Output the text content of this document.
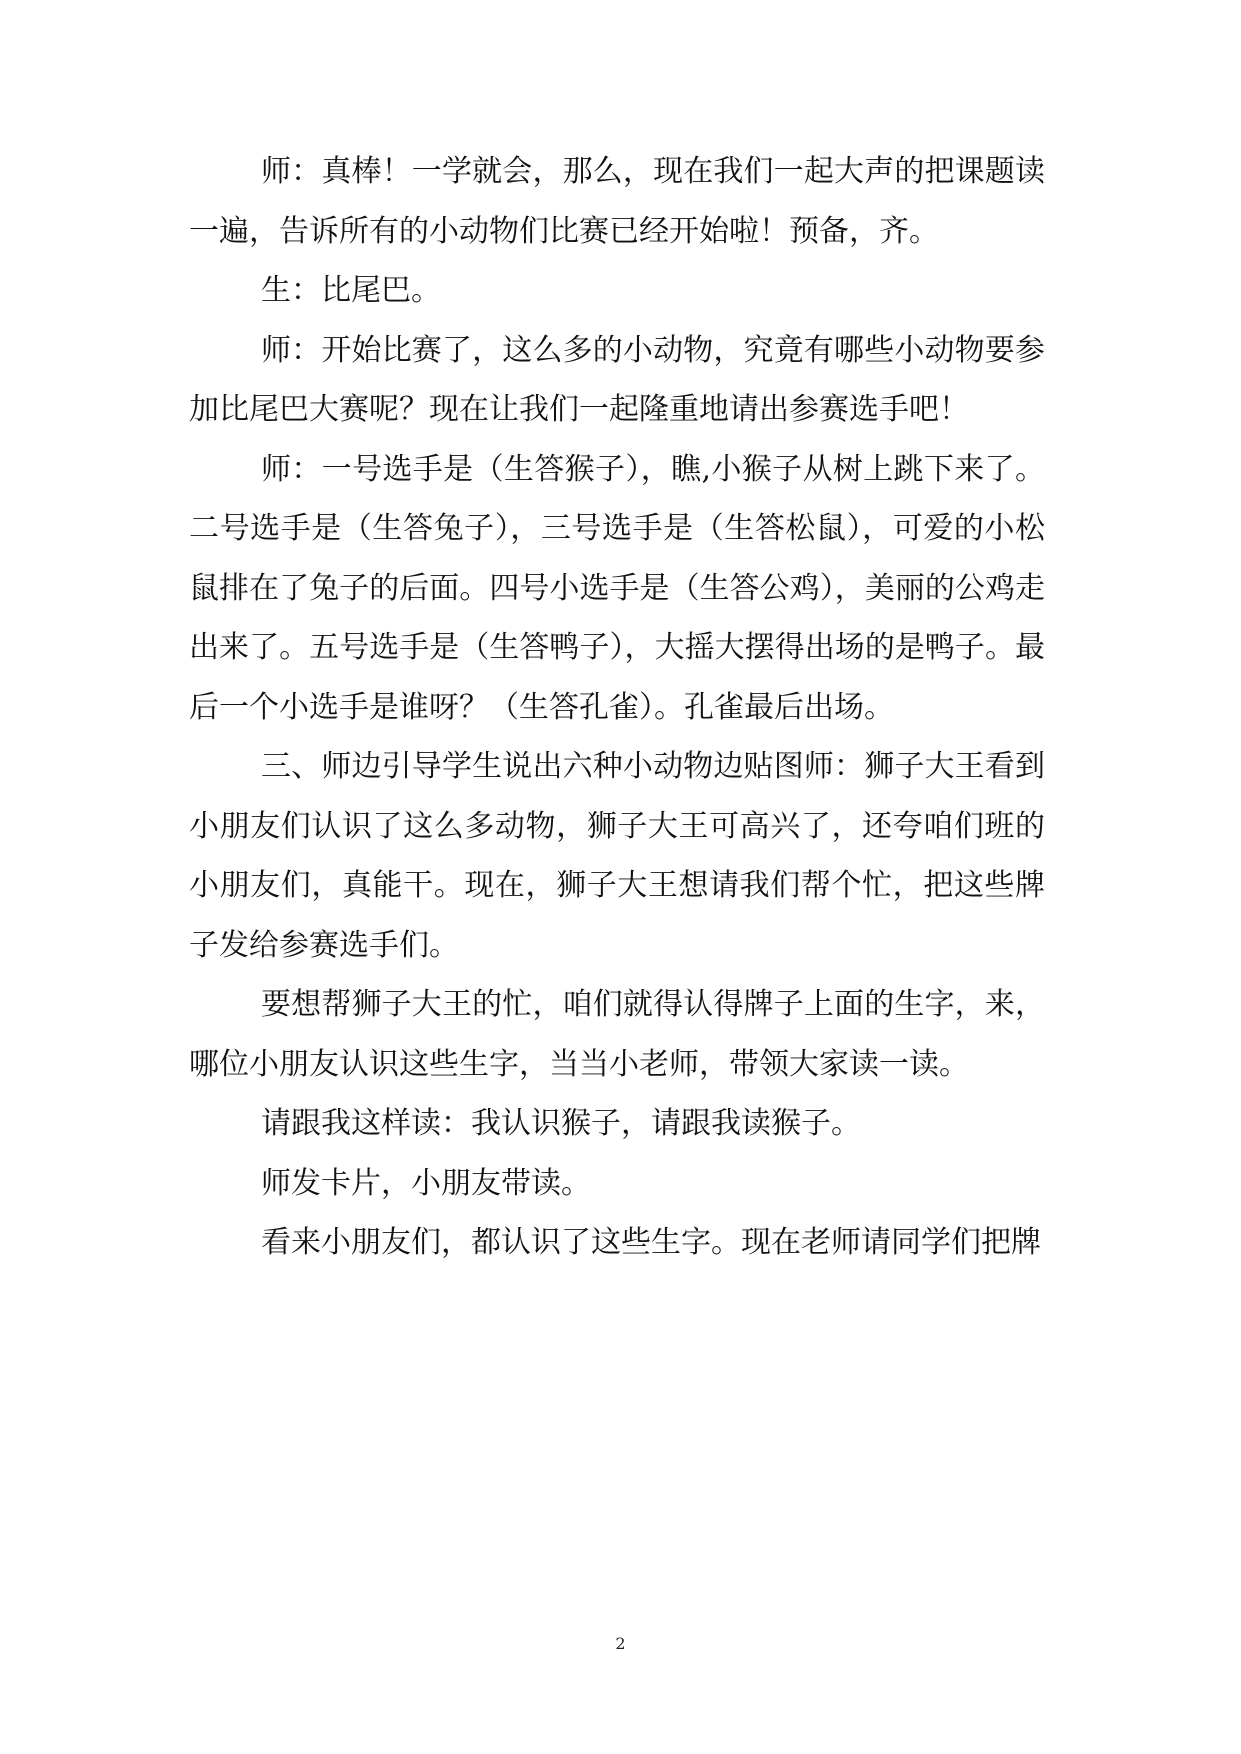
师：真棒！一学就会，那么，现在我们一起大声的把课题读一遍，告诉所有的小动物们比赛已经开始啦！预备，齐。

生：比尾巴。

师：开始比赛了，这么多的小动物，究竟有哪些小动物要参加比尾巴大赛呢？现在让我们一起隆重地请出参赛选手吧！

师：一号选手是（生答猴子），瞧,小猴子从树上跳下来了。二号选手是（生答兔子），三号选手是（生答松鼠），可爱的小松鼠排在了兔子的后面。四号小选手是（生答公鸡），美丽的公鸡走出来了。五号选手是（生答鸭子），大摇大摆得出场的是鸭子。最后一个小选手是谁呀？（生答孔雀）。孔雀最后出场。

三、师边引导学生说出六种小动物边贴图师：狮子大王看到小朋友们认识了这么多动物，狮子大王可高兴了，还夸咱们班的小朋友们，真能干。现在，狮子大王想请我们帮个忙，把这些牌子发给参赛选手们。

要想帮狮子大王的忙，咱们就得认得牌子上面的生字，来，哪位小朋友认识这些生字，当当小老师，带领大家读一读。

请跟我这样读：我认识猴子，请跟我读猴子。

师发卡片，小朋友带读。

看来小朋友们，都认识了这些生字。现在老师请同学们把牌

2
